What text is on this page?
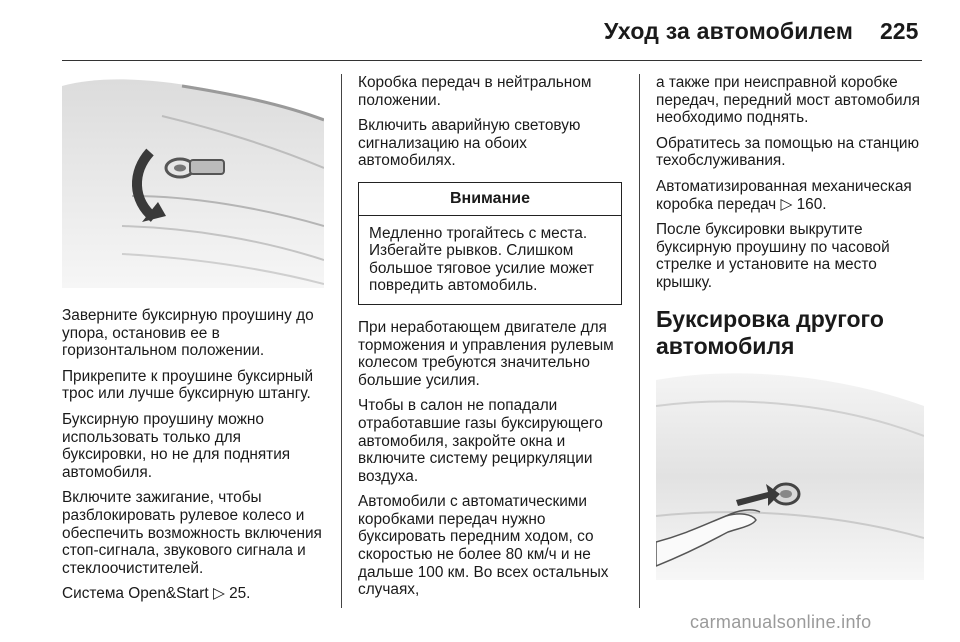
Уход за автомобилем 225

Заверните буксирную проушину до упора, остановив ее в горизонтальном положении.

Прикрепите к проушине буксирный трос или лучше буксирную штангу.

Буксирную проушину можно использовать только для буксировки, но не для поднятия автомобиля.

Включите зажигание, чтобы разблокировать рулевое колесо и обеспечить возможность включения стоп-сигнала, звукового сигнала и стеклоочистителей.

Система Open&Start ▷ 25.

Коробка передач в нейтральном положении.

Включить аварийную световую сигнализацию на обоих автомобилях.

Внимание
Медленно трогайтесь с места. Избегайте рывков. Слишком большое тяговое усилие может повредить автомобиль.

При неработающем двигателе для торможения и управления рулевым колесом требуются значительно большие усилия.

Чтобы в салон не попадали отработавшие газы буксирующего автомобиля, закройте окна и включите систему рециркуляции воздуха.

Автомобили с автоматическими коробками передач нужно буксировать передним ходом, со скоростью не более 80 км/ч и не дальше 100 км. Во всех остальных случаях,

а также при неисправной коробке передач, передний мост автомобиля необходимо поднять.

Обратитесь за помощью на станцию техобслуживания.

Автоматизированная механическая коробка передач ▷ 160.

После буксировки выкрутите буксирную проушину по часовой стрелке и установите на место крышку.

Буксировка другого автомобиля
carmanualsonline.info
